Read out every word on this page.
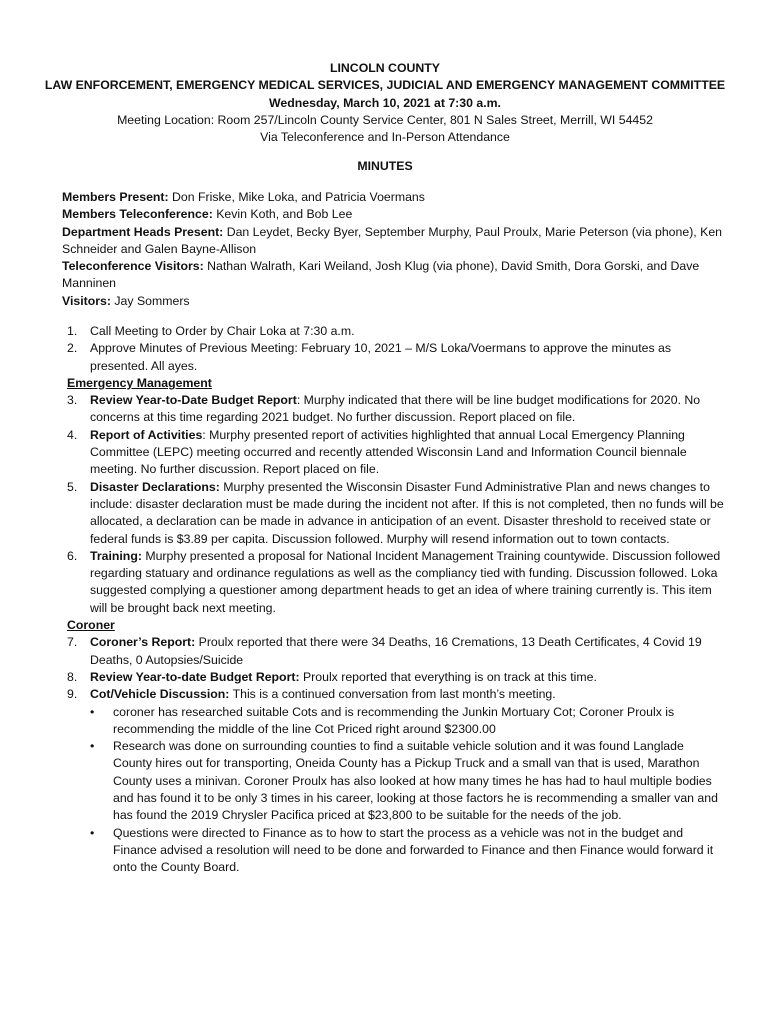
LINCOLN COUNTY
LAW ENFORCEMENT, EMERGENCY MEDICAL SERVICES, JUDICIAL AND EMERGENCY MANAGEMENT COMMITTEE
Wednesday, March 10, 2021 at 7:30 a.m.
Meeting Location: Room 257/Lincoln County Service Center, 801 N Sales Street, Merrill, WI 54452
Via Teleconference and In-Person Attendance
MINUTES

Members Present: Don Friske, Mike Loka, and Patricia Voermans

Members Teleconference: Kevin Koth, and Bob Lee

Department Heads Present: Dan Leydet, Becky Byer, September Murphy, Paul Proulx, Marie Peterson (via phone), Ken Schneider and Galen Bayne-Allison

Teleconference Visitors: Nathan Walrath, Kari Weiland, Josh Klug (via phone), David Smith, Dora Gorski, and Dave Manninen

Visitors: Jay Sommers

1. Call Meeting to Order by Chair Loka at 7:30 a.m.
2. Approve Minutes of Previous Meeting: February 10, 2021 – M/S Loka/Voermans to approve the minutes as presented. All ayes.
Emergency Management
3. Review Year-to-Date Budget Report: Murphy indicated that there will be line budget modifications for 2020. No concerns at this time regarding 2021 budget. No further discussion. Report placed on file.
4. Report of Activities: Murphy presented report of activities highlighted that annual Local Emergency Planning Committee (LEPC) meeting occurred and recently attended Wisconsin Land and Information Council biennale meeting. No further discussion. Report placed on file.
5. Disaster Declarations: Murphy presented the Wisconsin Disaster Fund Administrative Plan and news changes to include: disaster declaration must be made during the incident not after. If this is not completed, then no funds will be allocated, a declaration can be made in advance in anticipation of an event. Disaster threshold to received state or federal funds is $3.89 per capita. Discussion followed. Murphy will resend information out to town contacts.
6. Training: Murphy presented a proposal for National Incident Management Training countywide. Discussion followed regarding statuary and ordinance regulations as well as the compliancy tied with funding. Discussion followed. Loka suggested complying a questioner among department heads to get an idea of where training currently is. This item will be brought back next meeting.
Coroner
7. Coroner’s Report: Proulx reported that there were 34 Deaths, 16 Cremations, 13 Death Certificates, 4 Covid 19 Deaths, 0 Autopsies/Suicide
8. Review Year-to-date Budget Report: Proulx reported that everything is on track at this time.
9. Cot/Vehicle Discussion: This is a continued conversation from last month’s meeting.
• coroner has researched suitable Cots and is recommending the Junkin Mortuary Cot; Coroner Proulx is recommending the middle of the line Cot Priced right around $2300.00
• Research was done on surrounding counties to find a suitable vehicle solution and it was found Langlade County hires out for transporting, Oneida County has a Pickup Truck and a small van that is used, Marathon County uses a minivan. Coroner Proulx has also looked at how many times he has had to haul multiple bodies and has found it to be only 3 times in his career, looking at those factors he is recommending a smaller van and has found the 2019 Chrysler Pacifica priced at $23,800 to be suitable for the needs of the job.
• Questions were directed to Finance as to how to start the process as a vehicle was not in the budget and Finance advised a resolution will need to be done and forwarded to Finance and then Finance would forward it onto the County Board.
